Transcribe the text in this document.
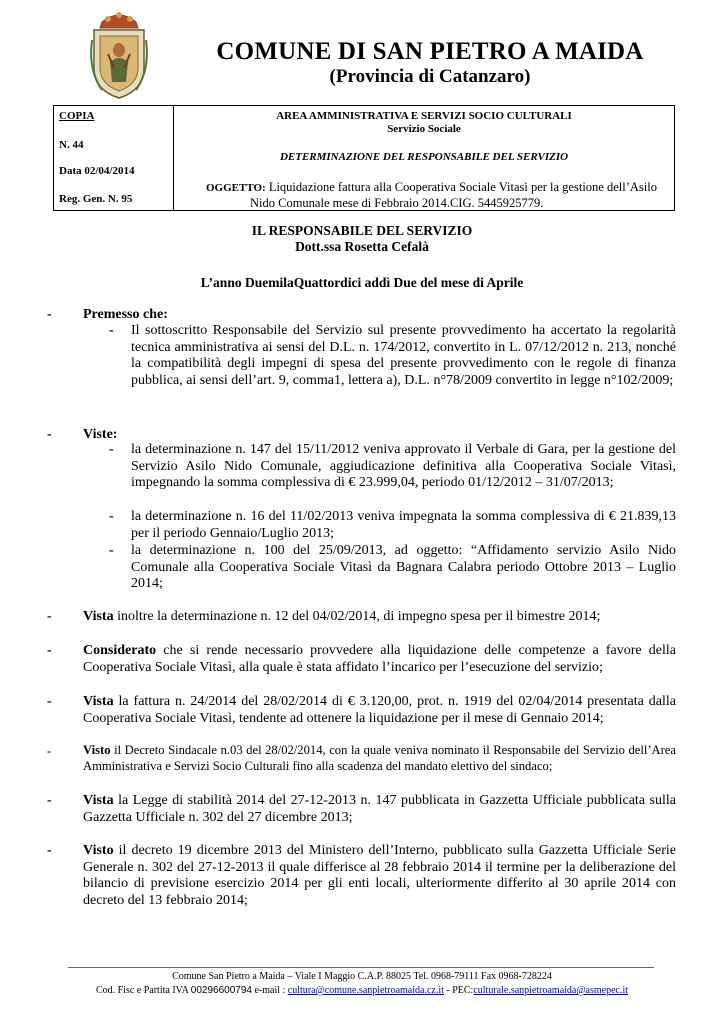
COMUNE DI SAN PIETRO A MAIDA
(Provincia di Catanzaro)
COPIA
N. 44
Data 02/04/2014
Reg. Gen. N. 95
AREA AMMINISTRATIVA E SERVIZI SOCIO CULTURALI
Servizio Sociale
DETERMINAZIONE DEL RESPONSABILE DEL SERVIZIO
OGGETTO: Liquidazione fattura alla Cooperativa Sociale Vitasì per la gestione dell’Asilo
Nido Comunale mese di Febbraio 2014.CIG. 5445925779.
IL RESPONSABILE DEL SERVIZIO
Dott.ssa Rosetta Cefalà
L’anno DuemilaQuattordici addì Due del mese di Aprile
- Premesso che:
- Il sottoscritto Responsabile del Servizio sul presente provvedimento ha accertato la regolarità tecnica amministrativa ai sensi del D.L. n. 174/2012, convertito in L. 07/12/2012 n. 213, nonché la compatibilità degli impegni di spesa del presente provvedimento con le regole di finanza pubblica, ai sensi dell’art. 9, comma1, lettera a), D.L. n°78/2009 convertito in legge n°102/2009;
- Viste:
- la determinazione n. 147 del 15/11/2012 veniva approvato il Verbale di Gara, per la gestione del Servizio Asilo Nido Comunale, aggiudicazione definitiva alla Cooperativa Sociale Vitasì, impegnando la somma complessiva di € 23.999,04, periodo 01/12/2012 – 31/07/2013;
- la determinazione n. 16 del 11/02/2013 veniva impegnata la somma complessiva di € 21.839,13 per il periodo Gennaio/Luglio 2013;
- la determinazione n. 100 del 25/09/2013, ad oggetto: “Affidamento servizio Asilo Nido Comunale alla Cooperativa Sociale Vitasì da Bagnara Calabra periodo Ottobre 2013 – Luglio 2014;
- Vista inoltre la determinazione n. 12 del 04/02/2014, di impegno spesa per il bimestre 2014;
- Considerato che si rende necessario provvedere alla liquidazione delle competenze a favore della Cooperativa Sociale Vitasì, alla quale è stata affidato l’incarico per l’esecuzione del servizio;
- Vista la fattura n. 24/2014 del 28/02/2014 di € 3.120,00, prot. n. 1919 del 02/04/2014 presentata dalla Cooperativa Sociale Vitasì, tendente ad ottenere la liquidazione per il mese di Gennaio 2014;
-	Visto il Decreto Sindacale n.03 del 28/02/2014, con la quale veniva nominato il Responsabile del Servizio dell’Area Amministrativa e Servizi Socio Culturali fino alla scadenza del mandato elettivo del sindaco;
- Vista la Legge di stabilità 2014 del 27-12-2013 n. 147 pubblicata in Gazzetta Ufficiale pubblicata sulla Gazzetta Ufficiale n. 302 del 27 dicembre 2013;
- Visto il decreto 19 dicembre 2013 del Ministero dell’Interno, pubblicato sulla Gazzetta Ufficiale Serie Generale n. 302 del 27-12-2013 il quale differisce al 28 febbraio 2014 il termine per la deliberazione del bilancio di previsione esercizio 2014 per gli enti locali, ulteriormente differito al 30 aprile 2014 con decreto del 13 febbraio 2014;
Comune San Pietro a Maida – Viale I Maggio C.A.P. 88025 Tel. 0968-79111 Fax 0968-728224
Cod. Fisc e Partita IVA 00296600794 e-mail : cultura@comune.sanpietroamaida.cz.it - PEC:culturale.sanpietroamaida@asmepec.it
